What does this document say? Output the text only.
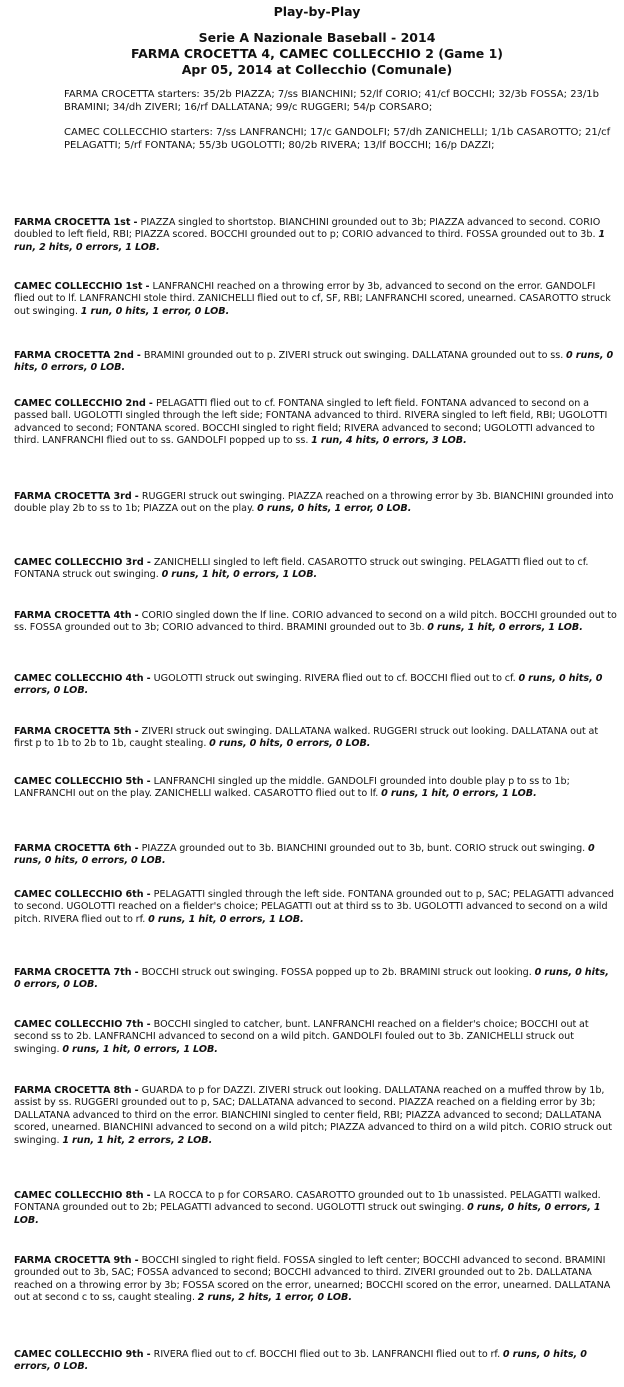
Play-by-Play

Serie A Nazionale Baseball - 2014

FARMA CROCETTA 4, CAMEC COLLECCHIO 2 (Game 1)

Apr 05, 2014 at Collecchio (Comunale)

FARMA CROCETTA starters: 35/2b PIAZZA; 7/ss BIANCHINI; 52/lf CORIO; 41/cf BOCCHI; 32/3b FOSSA; 23/1b BRAMINI; 34/dh ZIVERI; 16/rf DALLATANA; 99/c RUGGERI; 54/p CORSARO;

CAMEC COLLECCHIO starters: 7/ss LANFRANCHI; 17/c GANDOLFI; 57/dh ZANICHELLI; 1/1b CASAROTTO; 21/cf PELAGATTI; 5/rf FONTANA; 55/3b UGOLOTTI; 80/2b RIVERA; 13/lf BOCCHI; 16/p DAZZI;

FARMA CROCETTA 1st - PIAZZA singled to shortstop. BIANCHINI grounded out to 3b; PIAZZA advanced to second. CORIO doubled to left field, RBI; PIAZZA scored. BOCCHI grounded out to p; CORIO advanced to third. FOSSA grounded out to 3b. 1 run, 2 hits, 0 errors, 1 LOB.

CAMEC COLLECCHIO 1st - LANFRANCHI reached on a throwing error by 3b, advanced to second on the error. GANDOLFI flied out to lf. LANFRANCHI stole third. ZANICHELLI flied out to cf, SF, RBI; LANFRANCHI scored, unearned. CASAROTTO struck out swinging. 1 run, 0 hits, 1 error, 0 LOB.

FARMA CROCETTA 2nd - BRAMINI grounded out to p. ZIVERI struck out swinging. DALLATANA grounded out to ss. 0 runs, 0 hits, 0 errors, 0 LOB.

CAMEC COLLECCHIO 2nd - PELAGATTI flied out to cf. FONTANA singled to left field. FONTANA advanced to second on a passed ball. UGOLOTTI singled through the left side; FONTANA advanced to third. RIVERA singled to left field, RBI; UGOLOTTI advanced to second; FONTANA scored. BOCCHI singled to right field; RIVERA advanced to second; UGOLOTTI advanced to third. LANFRANCHI flied out to ss. GANDOLFI popped up to ss. 1 run, 4 hits, 0 errors, 3 LOB.

FARMA CROCETTA 3rd - RUGGERI struck out swinging. PIAZZA reached on a throwing error by 3b. BIANCHINI grounded into double play 2b to ss to 1b; PIAZZA out on the play. 0 runs, 0 hits, 1 error, 0 LOB.

CAMEC COLLECCHIO 3rd - ZANICHELLI singled to left field. CASAROTTO struck out swinging. PELAGATTI flied out to cf. FONTANA struck out swinging. 0 runs, 1 hit, 0 errors, 1 LOB.

FARMA CROCETTA 4th - CORIO singled down the lf line. CORIO advanced to second on a wild pitch. BOCCHI grounded out to ss. FOSSA grounded out to 3b; CORIO advanced to third. BRAMINI grounded out to 3b. 0 runs, 1 hit, 0 errors, 1 LOB.

CAMEC COLLECCHIO 4th - UGOLOTTI struck out swinging. RIVERA flied out to cf. BOCCHI flied out to cf. 0 runs, 0 hits, 0 errors, 0 LOB.

FARMA CROCETTA 5th - ZIVERI struck out swinging. DALLATANA walked. RUGGERI struck out looking. DALLATANA out at first p to 1b to 2b to 1b, caught stealing. 0 runs, 0 hits, 0 errors, 0 LOB.

CAMEC COLLECCHIO 5th - LANFRANCHI singled up the middle. GANDOLFI grounded into double play p to ss to 1b; LANFRANCHI out on the play. ZANICHELLI walked. CASAROTTO flied out to lf. 0 runs, 1 hit, 0 errors, 1 LOB.

FARMA CROCETTA 6th - PIAZZA grounded out to 3b. BIANCHINI grounded out to 3b, bunt. CORIO struck out swinging. 0 runs, 0 hits, 0 errors, 0 LOB.

CAMEC COLLECCHIO 6th - PELAGATTI singled through the left side. FONTANA grounded out to p, SAC; PELAGATTI advanced to second. UGOLOTTI reached on a fielder's choice; PELAGATTI out at third ss to 3b. UGOLOTTI advanced to second on a wild pitch. RIVERA flied out to rf. 0 runs, 1 hit, 0 errors, 1 LOB.

FARMA CROCETTA 7th - BOCCHI struck out swinging. FOSSA popped up to 2b. BRAMINI struck out looking. 0 runs, 0 hits, 0 errors, 0 LOB.

CAMEC COLLECCHIO 7th - BOCCHI singled to catcher, bunt. LANFRANCHI reached on a fielder's choice; BOCCHI out at second ss to 2b. LANFRANCHI advanced to second on a wild pitch. GANDOLFI fouled out to 3b. ZANICHELLI struck out swinging. 0 runs, 1 hit, 0 errors, 1 LOB.

FARMA CROCETTA 8th - GUARDA to p for DAZZI. ZIVERI struck out looking. DALLATANA reached on a muffed throw by 1b, assist by ss. RUGGERI grounded out to p, SAC; DALLATANA advanced to second. PIAZZA reached on a fielding error by 3b; DALLATANA advanced to third on the error. BIANCHINI singled to center field, RBI; PIAZZA advanced to second; DALLATANA scored, unearned. BIANCHINI advanced to second on a wild pitch; PIAZZA advanced to third on a wild pitch. CORIO struck out swinging. 1 run, 1 hit, 2 errors, 2 LOB.

CAMEC COLLECCHIO 8th - LA ROCCA to p for CORSARO. CASAROTTO grounded out to 1b unassisted. PELAGATTI walked. FONTANA grounded out to 2b; PELAGATTI advanced to second. UGOLOTTI struck out swinging. 0 runs, 0 hits, 0 errors, 1 LOB.

FARMA CROCETTA 9th - BOCCHI singled to right field. FOSSA singled to left center; BOCCHI advanced to second. BRAMINI grounded out to 3b, SAC; FOSSA advanced to second; BOCCHI advanced to third. ZIVERI grounded out to 2b. DALLATANA reached on a throwing error by 3b; FOSSA scored on the error, unearned; BOCCHI scored on the error, unearned. DALLATANA out at second c to ss, caught stealing. 2 runs, 2 hits, 1 error, 0 LOB.

CAMEC COLLECCHIO 9th - RIVERA flied out to cf. BOCCHI flied out to 3b. LANFRANCHI flied out to rf. 0 runs, 0 hits, 0 errors, 0 LOB.
